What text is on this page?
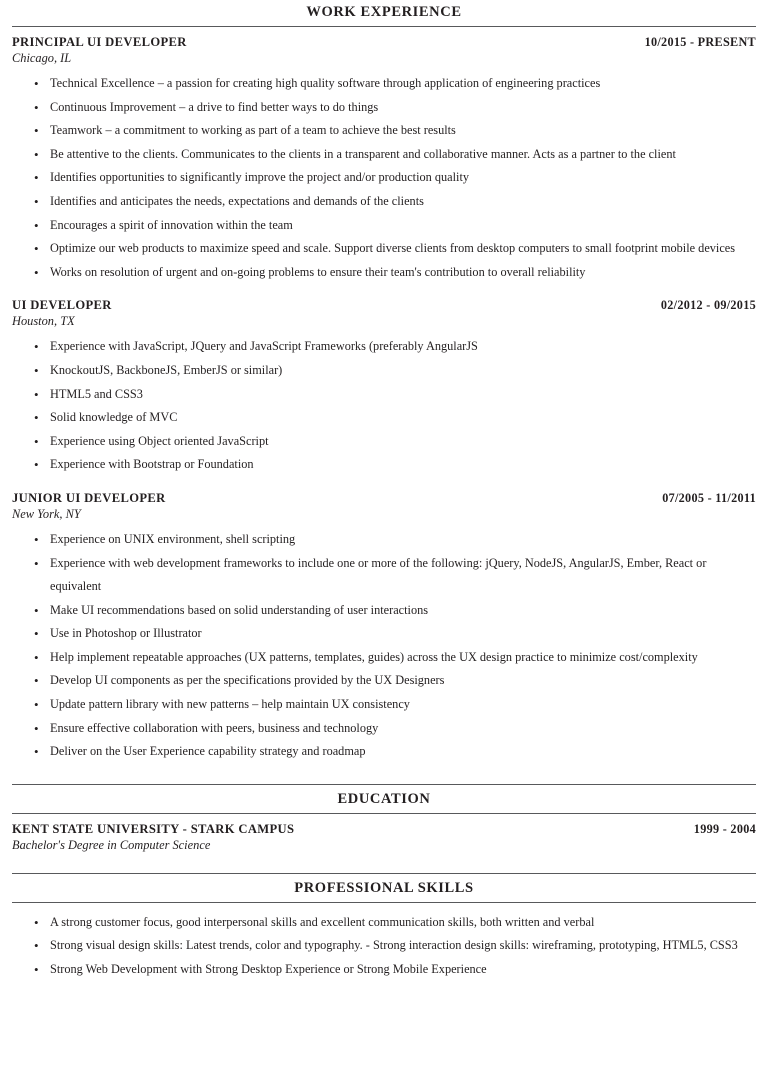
WORK EXPERIENCE
PRINCIPAL UI DEVELOPER	10/2015 - PRESENT
Chicago, IL
• Technical Excellence – a passion for creating high quality software through application of engineering practices
• Continuous Improvement – a drive to find better ways to do things
• Teamwork – a commitment to working as part of a team to achieve the best results
• Be attentive to the clients. Communicates to the clients in a transparent and collaborative manner. Acts as a partner to the client
• Identifies opportunities to significantly improve the project and/or production quality
• Identifies and anticipates the needs, expectations and demands of the clients
• Encourages a spirit of innovation within the team
• Optimize our web products to maximize speed and scale. Support diverse clients from desktop computers to small footprint mobile devices
• Works on resolution of urgent and on-going problems to ensure their team's contribution to overall reliability
UI DEVELOPER	02/2012 - 09/2015
Houston, TX
• Experience with JavaScript, JQuery and JavaScript Frameworks (preferably AngularJS
• KnockoutJS, BackboneJS, EmberJS or similar)
• HTML5 and CSS3
• Solid knowledge of MVC
• Experience using Object oriented JavaScript
• Experience with Bootstrap or Foundation
JUNIOR UI DEVELOPER	07/2005 - 11/2011
New York, NY
• Experience on UNIX environment, shell scripting
• Experience with web development frameworks to include one or more of the following: jQuery, NodeJS, AngularJS, Ember, React or equivalent
• Make UI recommendations based on solid understanding of user interactions
• Use in Photoshop or Illustrator
• Help implement repeatable approaches (UX patterns, templates, guides) across the UX design practice to minimize cost/complexity
• Develop UI components as per the specifications provided by the UX Designers
• Update pattern library with new patterns – help maintain UX consistency
• Ensure effective collaboration with peers, business and technology
• Deliver on the User Experience capability strategy and roadmap
EDUCATION
KENT STATE UNIVERSITY - STARK CAMPUS	1999 - 2004
Bachelor's Degree in Computer Science
PROFESSIONAL SKILLS
• A strong customer focus, good interpersonal skills and excellent communication skills, both written and verbal
• Strong visual design skills: Latest trends, color and typography. - Strong interaction design skills: wireframing, prototyping, HTML5, CSS3
• Strong Web Development with Strong Desktop Experience or Strong Mobile Experience
